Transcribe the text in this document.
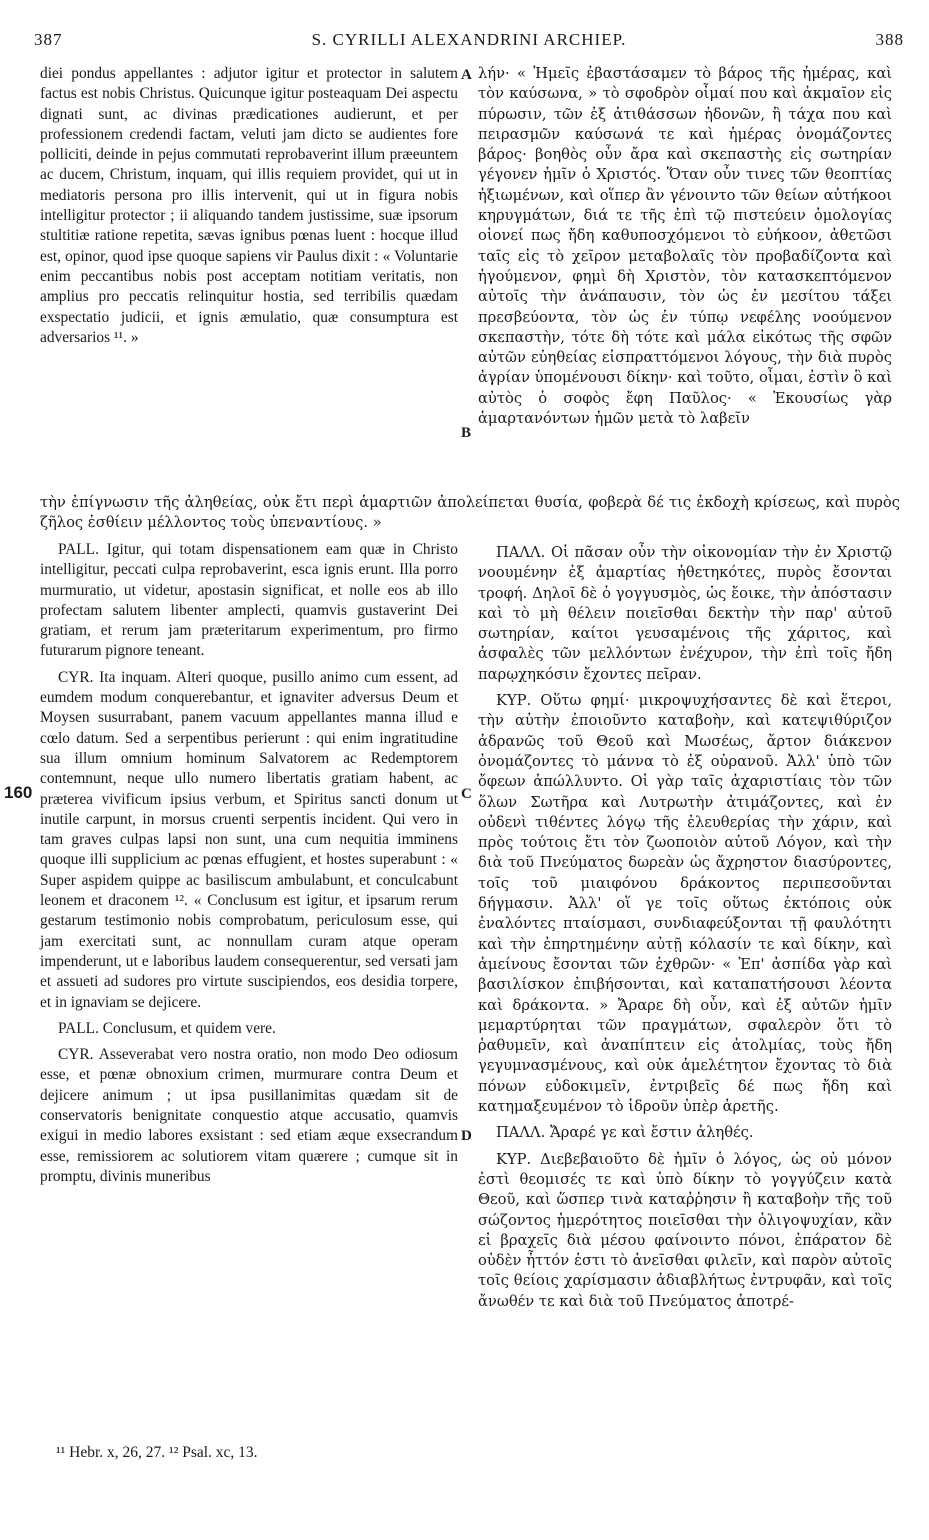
387	S. CYRILLI ALEXANDRINI ARCHIEP.	388

diei pondus appellantes : adjutor igitur et protector in salutem factus est nobis Christus. Quicunque igitur posteaquam Dei aspectu dignati sunt, ac divinas prædicationes audierunt, et per professionem credendi factam, veluti jam dicto se audientes fore polliciti, deinde in pejus commutati reprobaverint illum præeuntem ac ducem, Christum, inquam, qui illis requiem providet, qui ut in mediatoris persona pro illis intervenit, qui ut in figura nobis intelligitur protector ; ii aliquando tandem justissime, suæ ipsorum stultitiæ ratione repetita, sævas ignibus pœnas luent : hocque illud est, opinor, quod ipse quoque sapiens vir Paulus dixit : « Voluntarie enim peccantibus nobis post acceptam notitiam veritatis, non amplius pro peccatis relinquitur hostia, sed terribilis quædam exspectatio judicii, et ignis æmulatio, quæ consumptura est adversarios ¹¹. »

PALL. Igitur, qui totam dispensationem eam quæ in Christo intelligitur, peccati culpa reprobaverint, esca ignis erunt. Illa porro murmuratio, ut videtur, apostasin significat, et nolle eos ab illo profectam salutem libenter amplecti, quamvis gustaverint Dei gratiam, et rerum jam præteritarum experimentum, pro firmo futurarum pignore teneant.

CYR. Ita inquam. Alteri quoque, pusillo animo cum essent, ad eumdem modum conquerebantur, et ignaviter adversus Deum et Moysen susurrabant, panem vacuum appellantes manna illud e cœlo datum. Sed a serpentibus perierunt : qui enim ingratitudine sua illum omnium hominum Salvatorem ac Redemptorem contemnunt, neque ullo numero libertatis gratiam habent, ac præterea vivificum ipsius verbum, et Spiritus sancti donum ut inutile carpunt, in morsus cruenti serpentis incident. Qui vero in tam graves culpas lapsi non sunt, una cum nequitia imminens quoque illi supplicium ac pœnas effugient, et hostes superabunt : « Super aspidem quippe ac basiliscum ambulabunt, et conculcabunt leonem et draconem ¹². « Conclusum est igitur, et ipsarum rerum gestarum testimonio nobis comprobatum, periculosum esse, qui jam exercitati sunt, ac nonnullam curam atque operam impenderunt, ut e laboribus laudem consequerentur, sed versati jam et assueti ad sudores pro virtute suscipiendos, eos desidia torpere, et in ignaviam se dejicere.

PALL. Conclusum, et quidem vere.

CYR. Asseverabat vero nostra oratio, non modo Deo odiosum esse, et pœnæ obnoxium crimen, murmurare contra Deum et dejicere animum ; ut ipsa pusillanimitas quædam sit de conservatoris benignitate conquestio atque accusatio, quamvis exigui in medio labores exsistant : sed etiam æque exsecrandum esse, remissiorem ac solutiorem vitam quærere ; cumque sit in promptu, divinis muneribus

λήν· « Ἡμεῖς ἐβαστάσαμεν τὸ βάρος τῆς ἡμέρας, καὶ τὸν καύσωνα, » τὸ σφοδρὸν οἶμαί που καὶ ἀκμαῖον εἰς πύρωσιν, τῶν ἐξ ἀτιθάσσων ἡδονῶν, ἢ τάχα που καὶ πειρασμῶν καύσωνά τε καὶ ἡμέρας ὀνομάζοντες βάρος· βοηθὸς οὖν ἄρα καὶ σκεπαστὴς εἰς σωτηρίαν γέγονεν ἡμῖν ὁ Χριστός. Ὅταν οὖν τινες τῶν θεοπτίας ἠξιωμένων, καὶ οἵπερ ἂν γένοιντο τῶν θείων αὐτήκοοι κηρυγμάτων, διά τε τῆς ἐπὶ τῷ πιστεύειν ὁμολογίας οἱονεί πως ἤδη καθυποσχόμενοι τὸ εὐήκοον, ἀθετῶσι ταῖς εἰς τὸ χεῖρον μεταβολαῖς τὸν προβαδίζοντα καὶ ἡγούμενον, φημὶ δὴ Χριστὸν, τὸν κατασκεπτόμενον αὐτοῖς τὴν ἀνάπαυσιν, τὸν ὡς ἐν μεσίτου τάξει πρεσβεύοντα, τὸν ὡς ἐν τύπῳ νεφέλης νοούμενον σκεπαστὴν, τότε δὴ τότε καὶ μάλα εἰκότως τῆς σφῶν αὐτῶν εὐηθείας εἰσπραττόμενοι λόγους, τὴν διὰ πυρὸς ἀγρίαν ὑπομένουσι δίκην· καὶ τοῦτο, οἶμαι, ἐστὶν ὃ καὶ αὐτὸς ὁ σοφὸς ἔφη Παῦλος· « Ἑκουσίως γὰρ ἁμαρτανόντων ἡμῶν μετὰ τὸ λαβεῖν

τὴν ἐπίγνωσιν τῆς ἀληθείας, οὐκ ἔτι περὶ ἁμαρτιῶν ἀπολείπεται θυσία, φοβερὰ δέ τις ἐκδοχὴ κρίσεως, καὶ πυρὸς ζῆλος ἐσθίειν μέλλοντος τοὺς ὑπεναντίους. »

ΠΑΛΛ. Οἱ πᾶσαν οὖν τὴν οἰκονομίαν τὴν ἐν Χριστῷ νοουμένην ἐξ ἁμαρτίας ἠθετηκότες, πυρὸς ἔσονται τροφή. Δηλοῖ δὲ ὁ γογγυσμὸς, ὡς ἔοικε, τὴν ἀπόστασιν καὶ τὸ μὴ θέλειν ποιεῖσθαι δεκτὴν τὴν παρ' αὐτοῦ σωτηρίαν, καίτοι γευσαμένοις τῆς χάριτος, καὶ ἀσφαλὲς τῶν μελλόντων ἐνέχυρον, τὴν ἐπὶ τοῖς ἤδη παρῳχηκόσιν ἔχοντες πεῖραν.

ΚΥΡ. Οὕτω φημί· μικροψυχήσαντες δὲ καὶ ἕτεροι, τὴν αὐτὴν ἐποιοῦντο καταβοὴν, καὶ κατεψιθύριζον ἀδρανῶς τοῦ Θεοῦ καὶ Μωσέως, ἄρτον διάκενον ὀνομάζοντες τὸ μάννα τὸ ἐξ οὐρανοῦ. Ἀλλ' ὑπὸ τῶν ὄφεων ἀπώλλυντο. Οἱ γὰρ ταῖς ἀχαριστίαις τὸν τῶν ὅλων Σωτῆρα καὶ Λυτρωτὴν ἀτιμάζοντες, καὶ ἐν οὐδενὶ τιθέντες λόγῳ τῆς ἐλευθερίας τὴν χάριν, καὶ πρὸς τούτοις ἔτι τὸν ζωοποιὸν αὐτοῦ Λόγον, καὶ τὴν διὰ τοῦ Πνεύματος δωρεὰν ὡς ἄχρηστον διασύροντες, τοῖς τοῦ μιαιφόνου δράκοντος περιπεσοῦνται δήγμασιν. Ἀλλ' οἵ γε τοῖς οὕτως ἐκτόποις οὐκ ἐναλόντες πταίσμασι, συνδιαφεύξονται τῇ φαυλότητι καὶ τὴν ἐπηρτημένην αὐτῇ κόλασίν τε καὶ δίκην, καὶ ἀμείνους ἔσονται τῶν ἐχθρῶν· « Ἐπ' ἀσπίδα γὰρ καὶ βασιλίσκον ἐπιβήσονται, καὶ καταπατήσουσι λέοντα καὶ δράκοντα. » Ἄραρε δὴ οὖν, καὶ ἐξ αὐτῶν ἡμῖν μεμαρτύρηται τῶν πραγμάτων, σφαλερὸν ὅτι τὸ ῥαθυμεῖν, καὶ ἀναπίπτειν εἰς ἀτολμίας, τοὺς ἤδη γεγυμνασμένους, καὶ οὐκ ἀμελέτητον ἔχοντας τὸ διὰ πόνων εὐδοκιμεῖν, ἐντριβεῖς δέ πως ἤδη καὶ κατημαξευμένον τὸ ἱδροῦν ὑπὲρ ἀρετῆς.

ΠΑΛΛ. Ἄραρέ γε καὶ ἔστιν ἀληθές.

ΚΥΡ. Διεβεβαιοῦτο δὲ ἡμῖν ὁ λόγος, ὡς οὐ μόνον ἐστὶ θεομισές τε καὶ ὑπὸ δίκην τὸ γογγύζειν κατὰ Θεοῦ, καὶ ὥσπερ τινὰ καταῤῥησιν ἢ καταβοὴν τῆς τοῦ σώζοντος ἡμερότητος ποιεῖσθαι τὴν ὀλιγοψυχίαν, κἂν εἰ βραχεῖς διὰ μέσου φαίνοιντο πόνοι, ἐπάρατον δὲ οὐδὲν ἧττόν ἐστι τὸ ἀνεῖσθαι φιλεῖν, καὶ παρὸν αὐτοῖς τοῖς θείοις χαρίσμασιν ἀδιαβλήτως ἐντρυφᾶν, καὶ τοῖς ἄνωθέν τε καὶ διὰ τοῦ Πνεύματος ἀποτρέ-

A
B
C
D
160
¹¹ Hebr. x, 26, 27. ¹² Psal. xc, 13.
